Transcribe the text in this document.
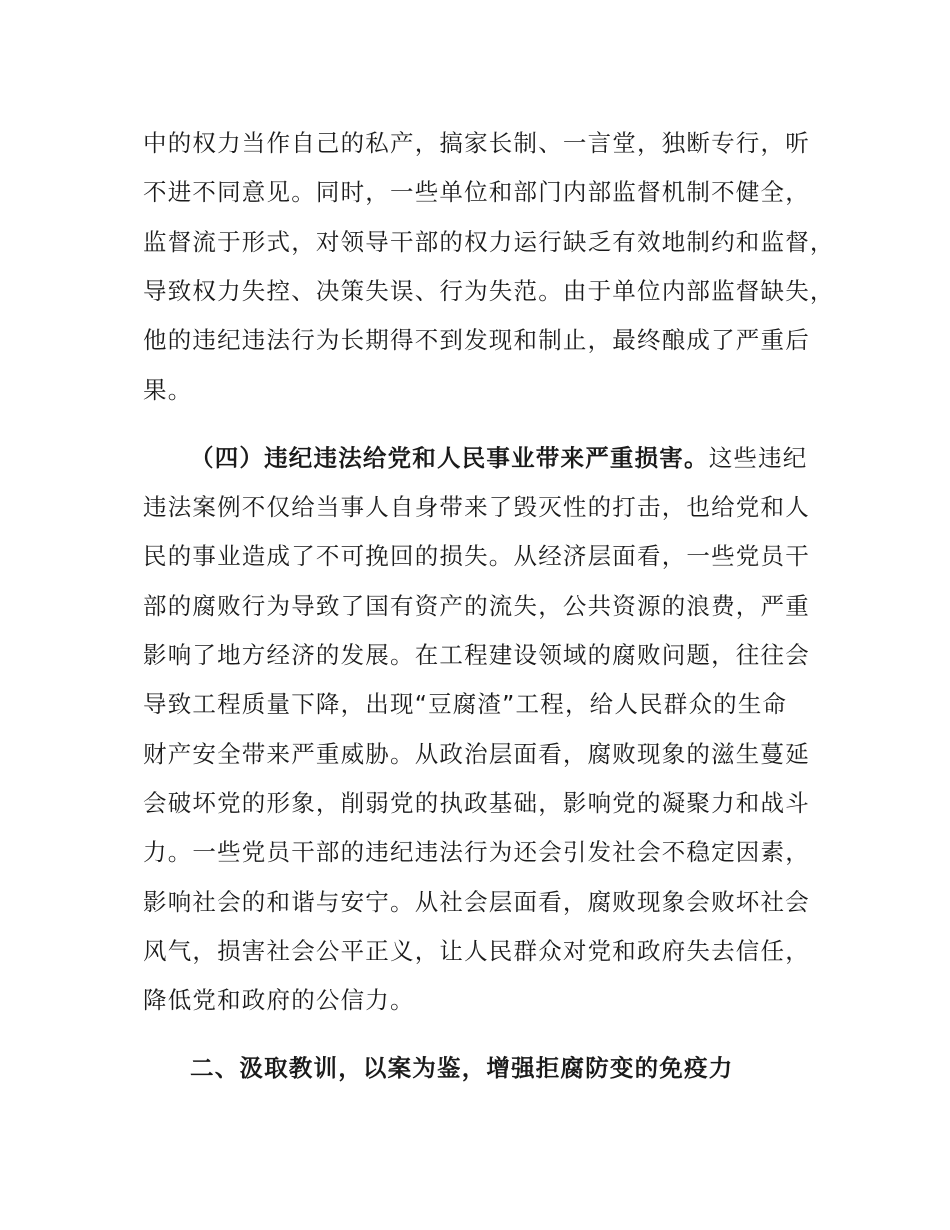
中的权力当作自己的私产，搞家长制、一言堂，独断专行，听
不进不同意见。同时，一些单位和部门内部监督机制不健全，
监督流于形式，对领导干部的权力运行缺乏有效地制约和监督，
导致权力失控、决策失误、行为失范。由于单位内部监督缺失，
他的违纪违法行为长期得不到发现和制止，最终酿成了严重后
果。
（四）违纪违法给党和人民事业带来严重损害。这些违纪
违法案例不仅给当事人自身带来了毁灭性的打击，也给党和人
民的事业造成了不可挽回的损失。从经济层面看，一些党员干
部的腐败行为导致了国有资产的流失，公共资源的浪费，严重
影响了地方经济的发展。在工程建设领域的腐败问题，往往会
导致工程质量下降，出现“豆腐渣”工程，给人民群众的生命
财产安全带来严重威胁。从政治层面看，腐败现象的滋生蔓延
会破坏党的形象，削弱党的执政基础，影响党的凝聚力和战斗
力。一些党员干部的违纪违法行为还会引发社会不稳定因素，
影响社会的和谐与安宁。从社会层面看，腐败现象会败坏社会
风气，损害社会公平正义，让人民群众对党和政府失去信任，
降低党和政府的公信力。
二、汲取教训，以案为鉴，增强拒腐防变的免疫力
